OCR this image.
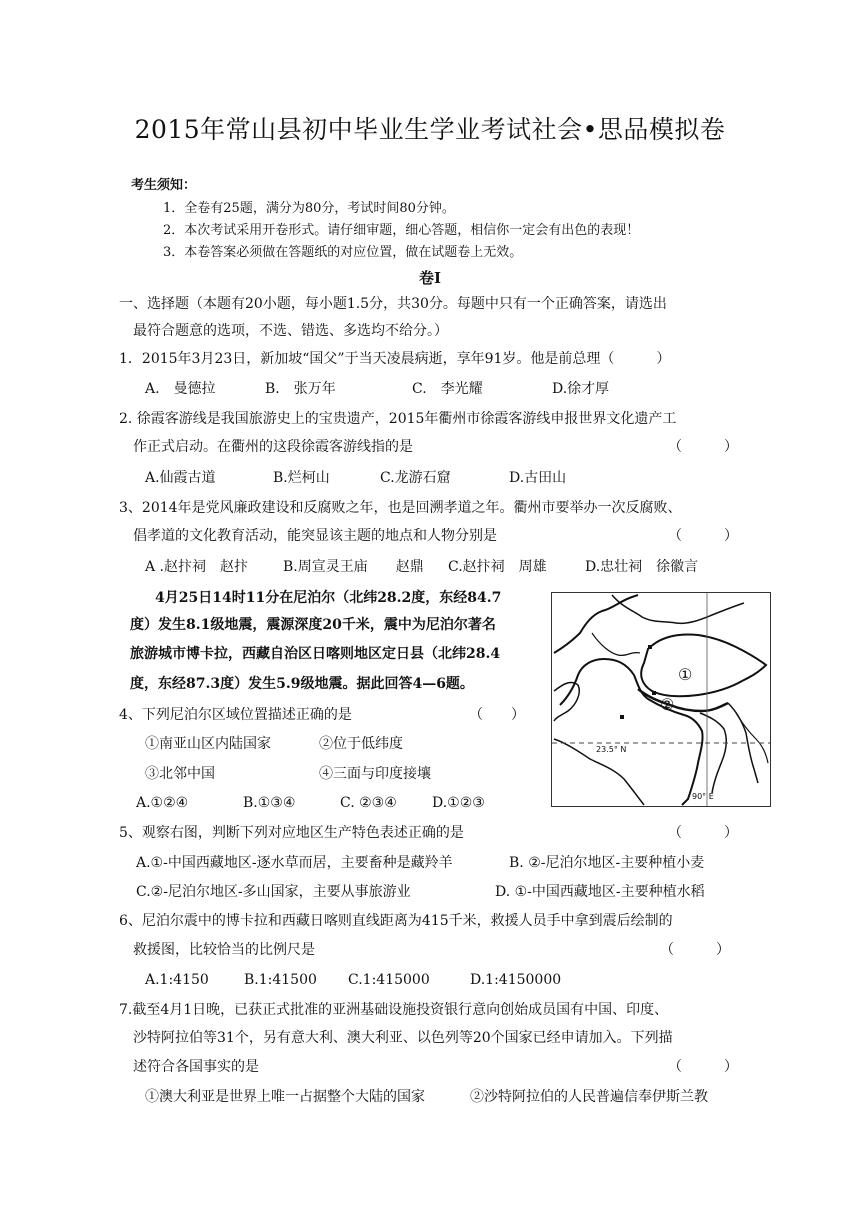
2015年常山县初中毕业生学业考试社会•思品模拟卷
考生须知：
1．全卷有25题，满分为80分，考试时间80分钟。
2．本次考试采用开卷形式。请仔细审题，细心答题，相信你一定会有出色的表现！
3．本卷答案必须做在答题纸的对应位置，做在试题卷上无效。
卷Ⅰ
一、选择题（本题有20小题，每小题1.5分，共30分。每题中只有一个正确答案，请选出
最符合题意的选项，不选、错选、多选均不给分。）
1．2015年3月23日，新加坡“国父”于当天凌晨病逝，享年91岁。他是前总理（　　　）
A.　曼德拉	B.　张万年	C.　李光耀	D.徐才厚
2. 徐霞客游线是我国旅游史上的宝贵遗产，2015年衢州市徐霞客游线申报世界文化遗产工
作正式启动。在衢州的这段徐霞客游线指的是	（　　　）
A.仙霞古道	B.烂柯山	C.龙游石窟	D.古田山
3、2014年是党风廉政建设和反腐败之年，也是回溯孝道之年。衢州市要举办一次反腐败、
倡孝道的文化教育活动，能突显该主题的地点和人物分别是	（　　　）
A .赵抃祠　赵抃 B.周宣灵王庙　　赵鼎 C.赵抃祠　周雄	D.忠壮祠　徐徽言
4月25日14时11分在尼泊尔（北纬28.2度，东经84.7
度）发生8.1级地震，震源深度20千米，震中为尼泊尔著名
旅游城市博卡拉，西藏自治区日喀则地区定日县（北纬28.4
度，东经87.3度）发生5.9级地震。据此回答4—6题。
4、下列尼泊尔区域位置描述正确的是	（　　）
①南亚山区内陆国家	②位于低纬度
③北邻中国	④三面与印度接壤
A.①②④	B.①③④	C. ②③④	D.①②③
①
②
23.5° N
90° E
5、观察右图，判断下列对应地区生产特色表述正确的是	（　　　）
A.①-中国西藏地区-逐水草而居，主要畜种是藏羚羊	B. ②-尼泊尔地区-主要种植小麦
C.②-尼泊尔地区-多山国家，主要从事旅游业	D. ①-中国西藏地区-主要种植水稻
6、尼泊尔震中的博卡拉和西藏日喀则直线距离为415千米，救援人员手中拿到震后绘制的
救援图，比较恰当的比例尺是	（　　　）
A.1:4150	B.1:41500 C.1:415000	D.1:4150000
7.截至4月1日晚，已获正式批准的亚洲基础设施投资银行意向创始成员国有中国、印度、
沙特阿拉伯等31个，另有意大利、澳大利亚、以色列等20个国家已经申请加入。下列描
述符合各国事实的是	（　　　）
①澳大利亚是世界上唯一占据整个大陆的国家	②沙特阿拉伯的人民普遍信奉伊斯兰教
